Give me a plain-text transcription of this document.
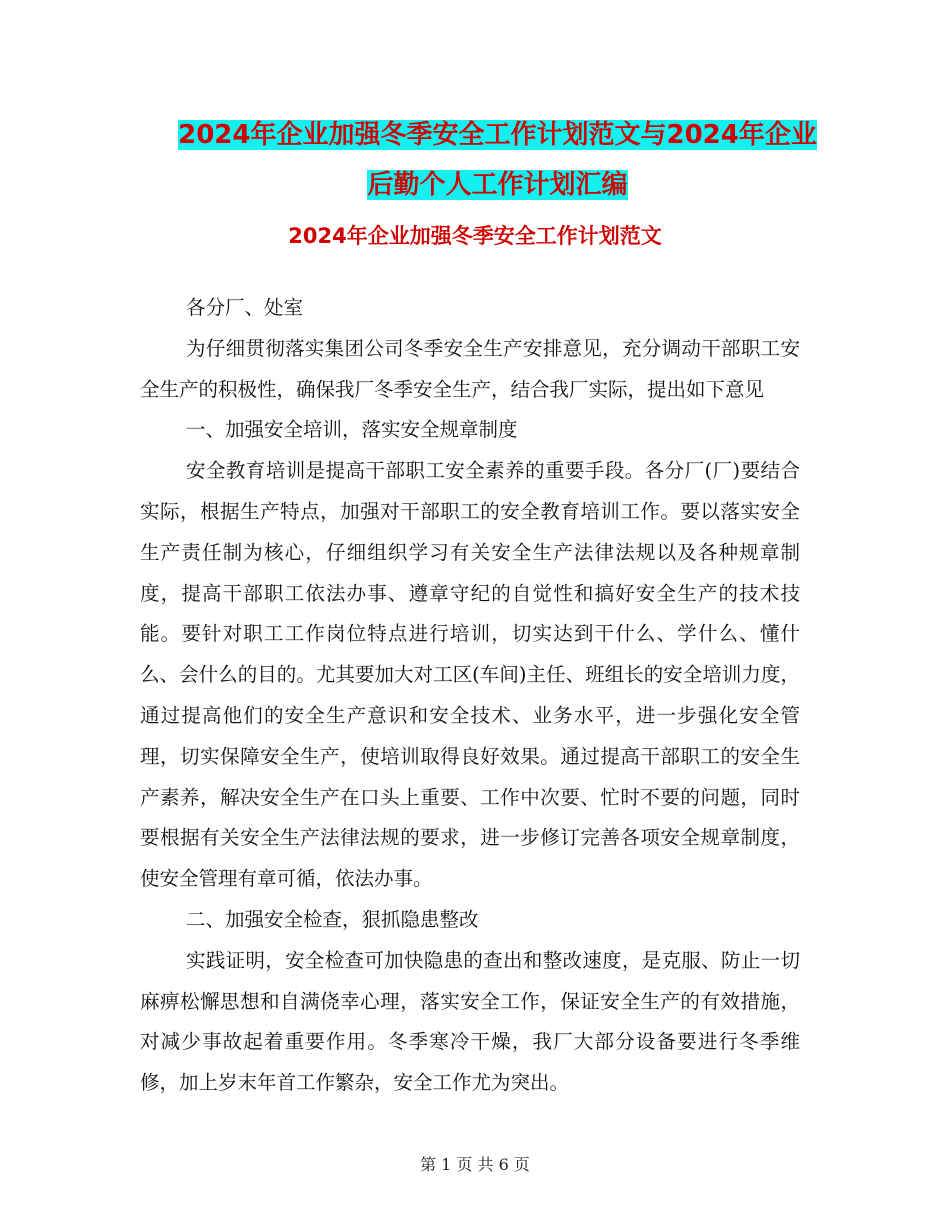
2024年企业加强冬季安全工作计划范文与2024年企业
后勤个人工作计划汇编
2024年企业加强冬季安全工作计划范文

各分厂、处室

为仔细贯彻落实集团公司冬季安全生产安排意见，充分调动干部职工安全生产的积极性，确保我厂冬季安全生产，结合我厂实际，提出如下意见

一、加强安全培训，落实安全规章制度

安全教育培训是提高干部职工安全素养的重要手段。各分厂(厂)要结合实际，根据生产特点，加强对干部职工的安全教育培训工作。要以落实安全生产责任制为核心，仔细组织学习有关安全生产法律法规以及各种规章制度，提高干部职工依法办事、遵章守纪的自觉性和搞好安全生产的技术技能。要针对职工工作岗位特点进行培训，切实达到干什么、学什么、懂什么、会什么的目的。尤其要加大对工区(车间)主任、班组长的安全培训力度，通过提高他们的安全生产意识和安全技术、业务水平，进一步强化安全管理，切实保障安全生产，使培训取得良好效果。通过提高干部职工的安全生产素养，解决安全生产在口头上重要、工作中次要、忙时不要的问题，同时要根据有关安全生产法律法规的要求，进一步修订完善各项安全规章制度，使安全管理有章可循，依法办事。

二、加强安全检查，狠抓隐患整改

实践证明，安全检查可加快隐患的查出和整改速度，是克服、防止一切麻痹松懈思想和自满侥幸心理，落实安全工作，保证安全生产的有效措施，对减少事故起着重要作用。冬季寒冷干燥，我厂大部分设备要进行冬季维修，加上岁末年首工作繁杂，安全工作尤为突出。

第 1 页 共 6 页
